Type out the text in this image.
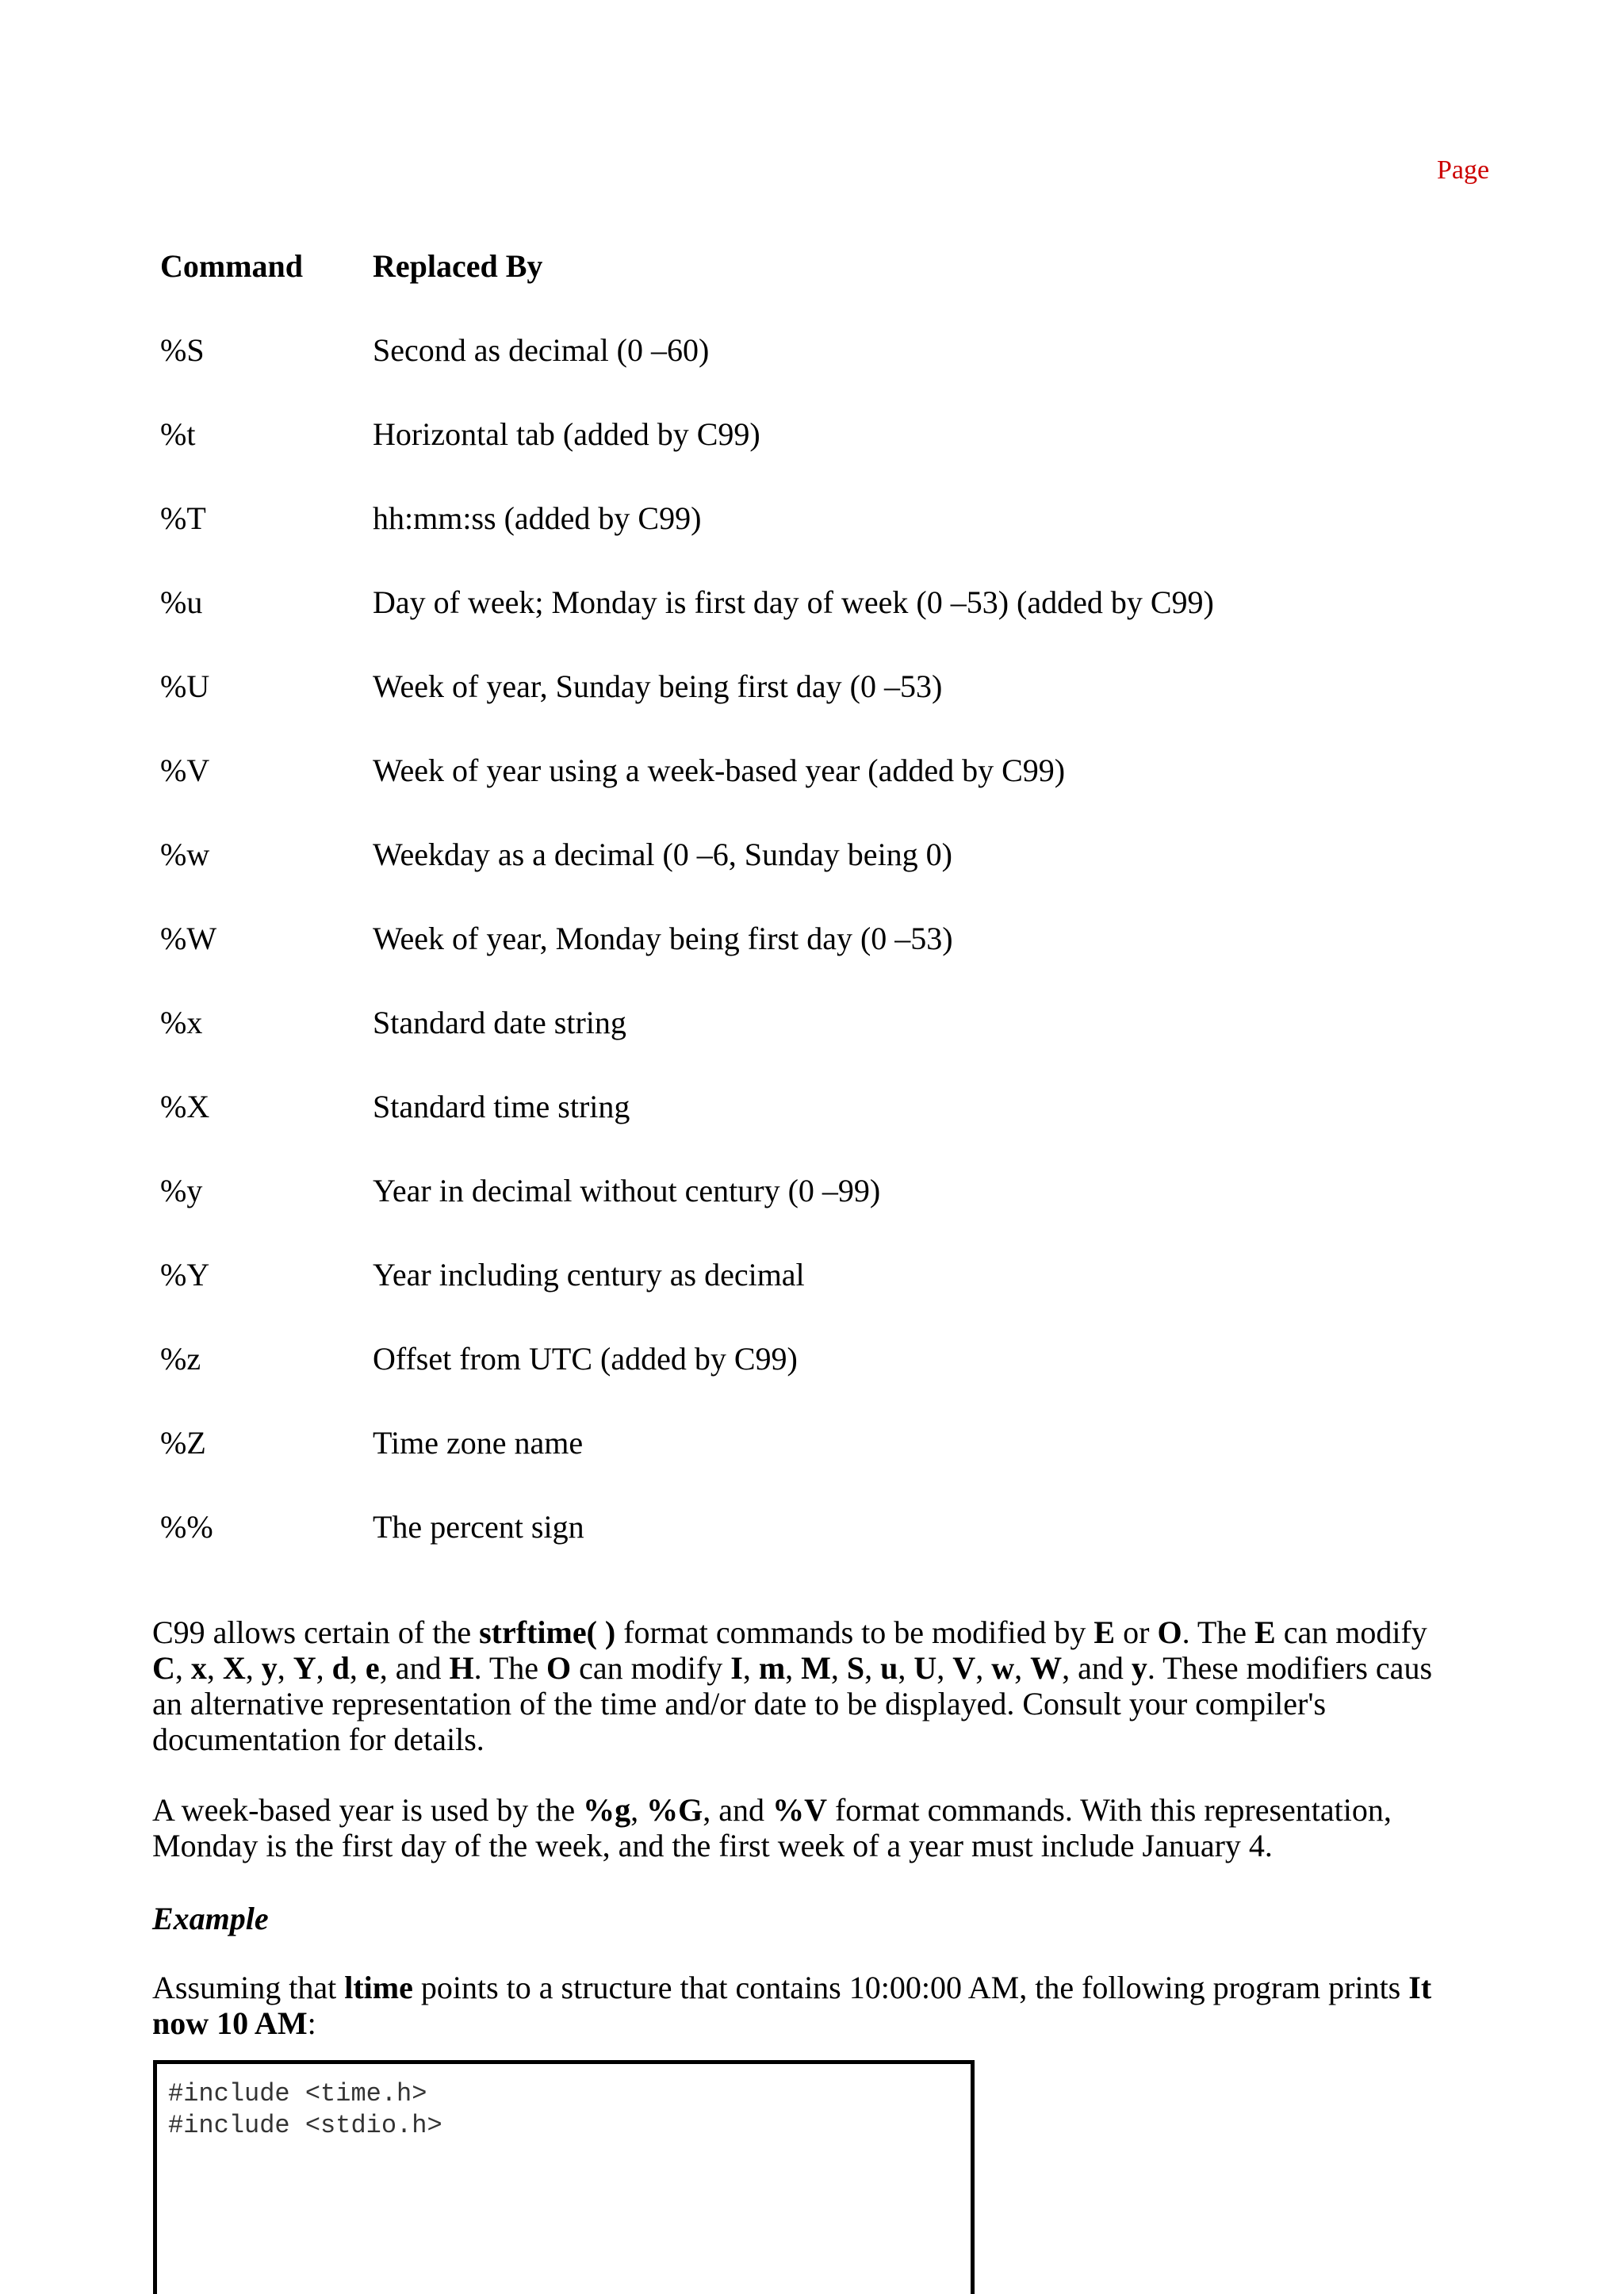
Page
Command Replaced By
%S	Second as decimal (0 –60)
%t	Horizontal tab (added by C99)
%T	hh:mm:ss (added by C99)
%u	Day of week; Monday is first day of week (0 –53) (added by C99)
%U	Week of year, Sunday being first day (0 –53)
%V	Week of year using a week-based year (added by C99)
%w	Weekday as a decimal (0 –6, Sunday being 0)
%W	Week of year, Monday being first day (0 –53)
%x	Standard date string
%X	Standard time string
%y	Year in decimal without century (0 –99)
%Y	Year including century as decimal
%z	Offset from UTC (added by C99)
%Z	Time zone name
%%	The percent sign

C99 allows certain of the strftime( ) format commands to be modified by E or O. The E can modify

C, x, X, y, Y, d, e, and H. The O can modify I, m, M, S, u, U, V, w, W, and y. These modifiers caus

an alternative representation of the time and/or date to be displayed. Consult your compiler's

documentation for details.

A week-based year is used by the %g, %G, and %V format commands. With this representation,

Monday is the first day of the week, and the first week of a year must include January 4.

Example

Assuming that ltime points to a structure that contains 10:00:00 AM, the following program prints It

now 10 AM:

#include <time.h>
#include <stdio.h>
